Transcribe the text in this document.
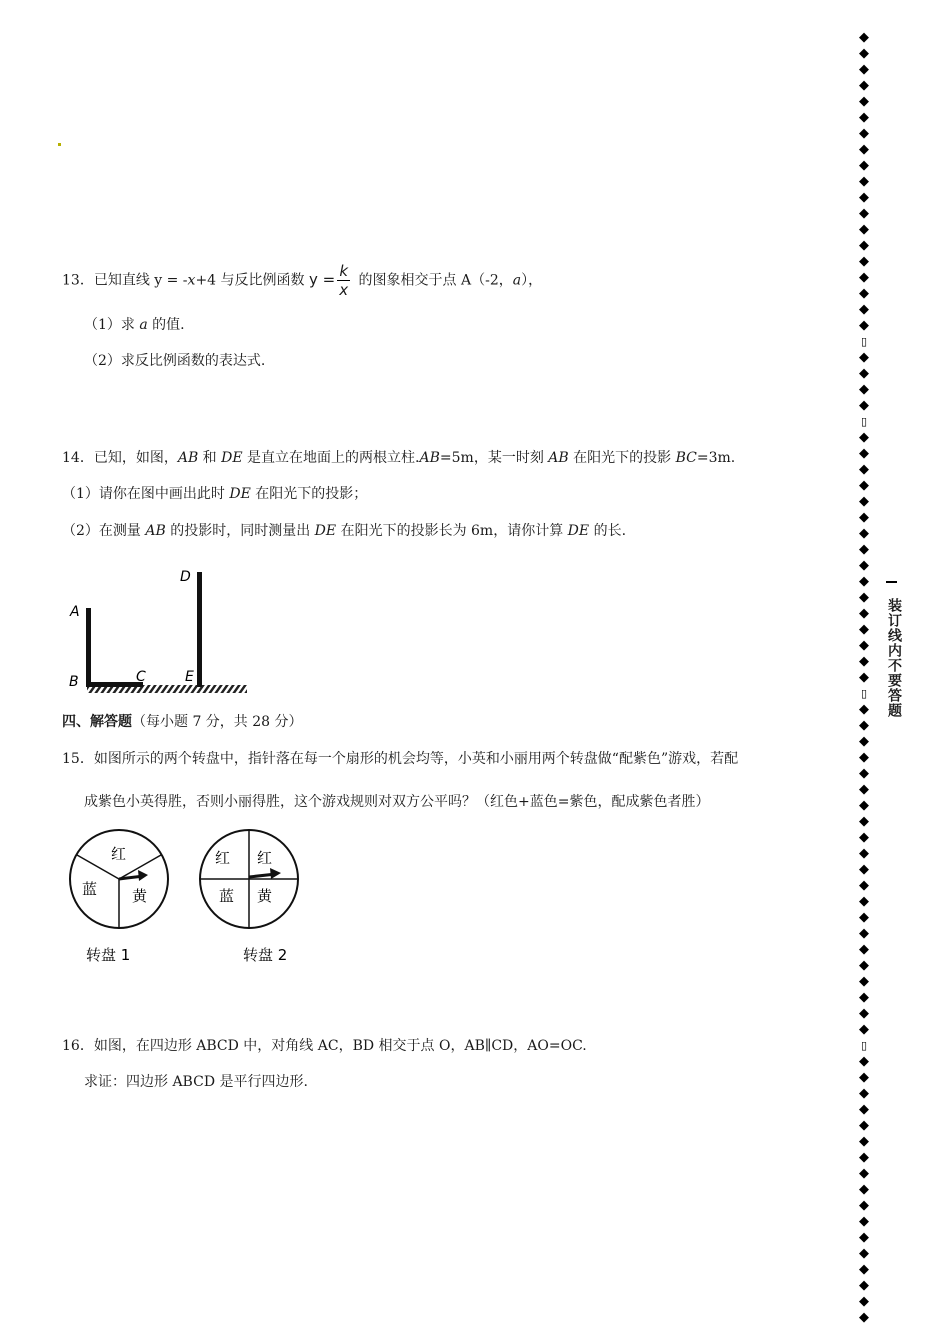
13．已知直线 y = -x+4 与反比例函数 $y = \frac{k}{x}$ 的图象相交于点 A（-2，a），
（1）求 a 的值.
（2）求反比例函数的表达式.
14．已知，如图，AB 和 DE 是直立在地面上的两根立柱.AB=5m，某一时刻 AB 在阳光下的投影 BC=3m.
（1）请你在图中画出此时 DE 在阳光下的投影；
（2）在测量 AB 的投影时，同时测量出 DE 在阳光下的投影长为 6m，请你计算 DE 的长.
A
B	C
D
E
四、解答题（每小题 7 分，共 28 分）
15．如图所示的两个转盘中，指针落在每一个扇形的机会均等，小英和小丽用两个转盘做“配紫色”游戏，若配
成紫色小英得胜，否则小丽得胜，这个游戏规则对双方公平吗？（红色+蓝色=紫色，配成紫色者胜）
红
蓝 黄
转盘 1
红 红
蓝 黄
转盘 2
16．如图，在四边形 ABCD 中，对角线 AC，BD 相交于点 O，AB∥CD，AO=OC.
求证：四边形 ABCD 是平行四边形.
◆
◆
◆
◆
◆
◆
◆
◆
◆
◆
◆
◆
◆
◆
◆
◆
◆
◆
◆
▯
◆
◆
◆
◆
▯
◆
◆
◆
◆
◆
◆
◆
◆
◆
◆
◆
◆
◆
◆
◆
◆
▯
◆
◆
◆
◆
◆
◆
◆
◆
◆
◆
◆
◆
◆
◆
◆
◆
◆
◆
◆
◆
◆
▯
◆
◆
◆
◆
◆
◆
◆
◆
◆
◆
◆
◆
◆
◆
◆
◆
◆
装订线内不要答题
